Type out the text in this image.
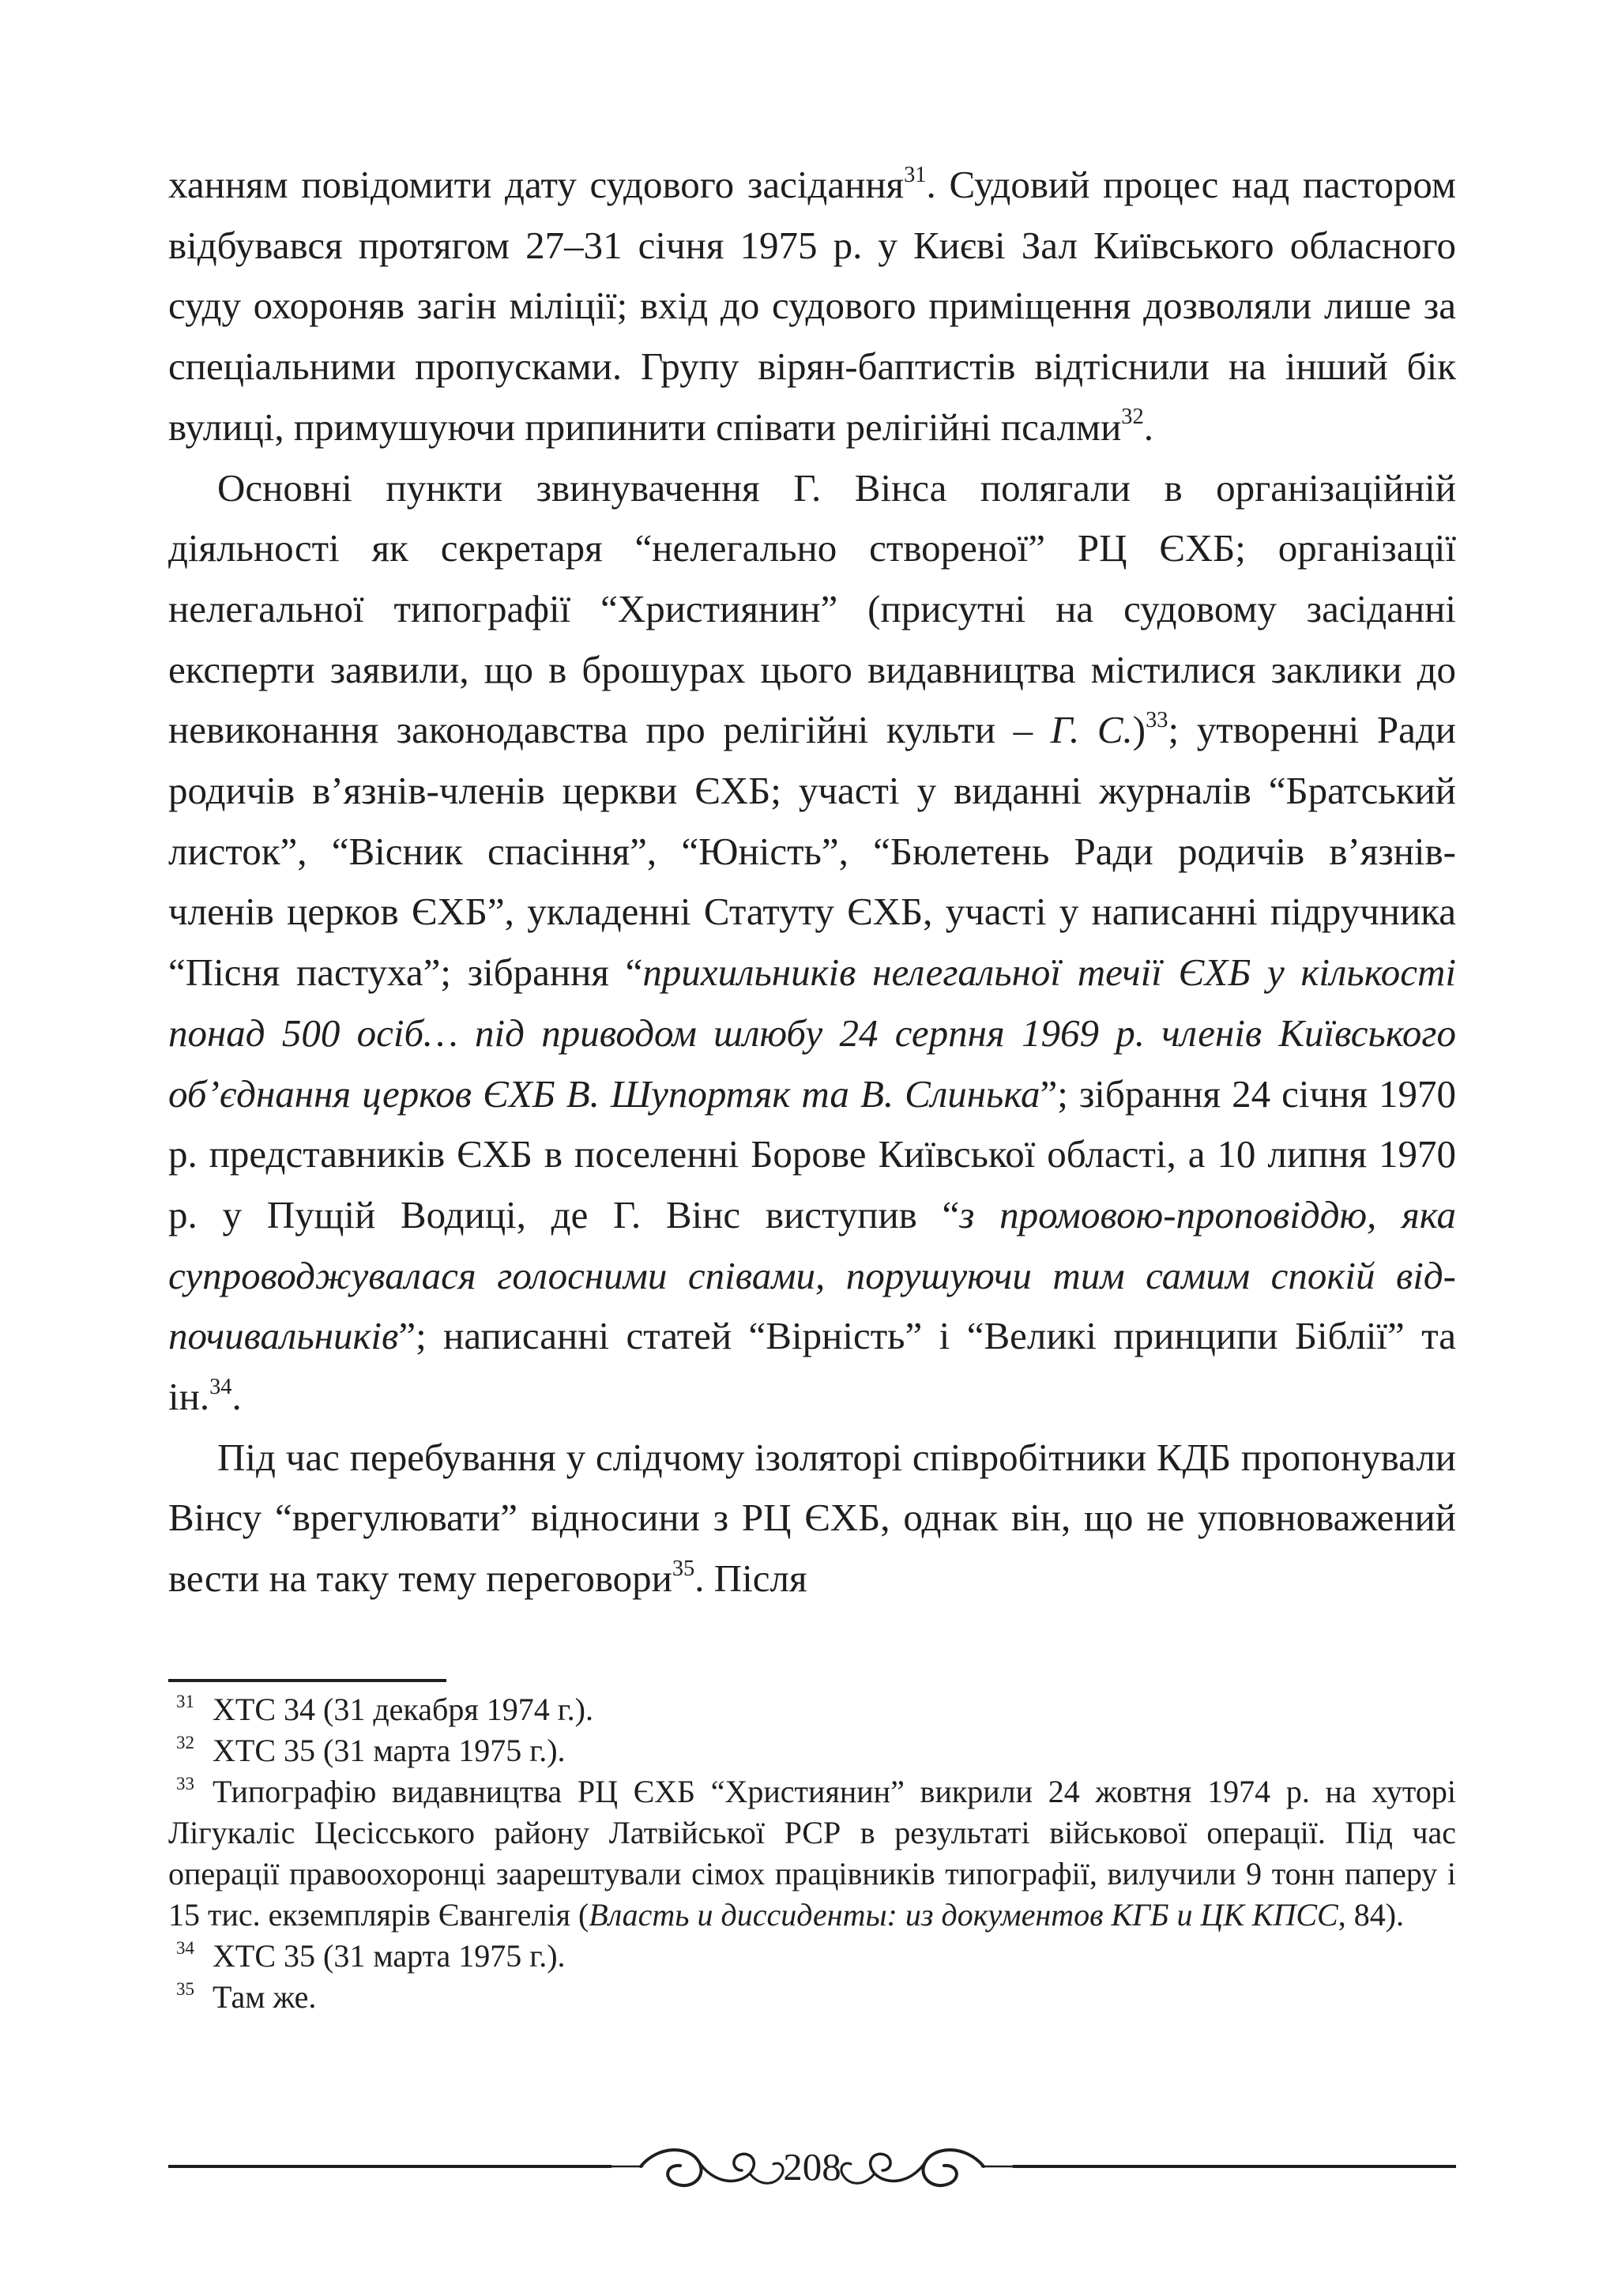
ханням повідомити дату судового засідання$^{31}$. Судовий процес над пастором відбувався протягом 27–31 січня 1975 р. у Києві Зал Київського обласного суду охороняв загін міліції; вхід до судового приміщення дозволяли лише за спеціальними пропусками. Групу вірян-баптистів відтіснили на інший бік вулиці, примушуючи припинити співати релігійні псалми$^{32}$.

Основні пункти звинувачення Г. Вінса полягали в організаційній діяльності як секретаря “нелегально створеної” РЦ ЄХБ; організації нелегальної типографії “Християнин” (присутні на судовому засіданні експерти заявили, що в брошурах цього видавництва містилися заклики до невиконання законодавства про релігійні культи – Г. С.)$^{33}$; утворенні Ради родичів в’язнів-членів церкви ЄХБ; участі у виданні журналів “Братський листок”, “Вісник спасіння”, “Юність”, “Бюлетень Ради родичів в’язнів-членів церков ЄХБ”, укладенні Статуту ЄХБ, участі у написанні підручника “Пісня пастуха”; зібрання “прихильників нелегальної течії ЄХБ у кількості понад 500 осіб… під приводом шлюбу 24 серпня 1969 р. членів Київського об’єднання церков ЄХБ В. Шупортяк та В. Слинька”; зібрання 24 січня 1970 р. представників ЄХБ в поселенні Борове Київської області, а 10 липня 1970 р. у Пущій Водиці, де Г. Вінс виступив “з промовою-проповіддю, яка супроводжувалася голосними співами, порушуючи тим самим спокій відпочивальників”; написанні статей “Вірність” і “Великі принципи Біблії” та ін.$^{34}$.

Під час перебування у слідчому ізоляторі співробітники КДБ пропонували Вінсу “врегулювати” відносини з РЦ ЄХБ, однак він, що не уповноважений вести на таку тему переговори$^{35}$. Після

31 ХТС 34 (31 декабря 1974 г.).

32 ХТС 35 (31 марта 1975 г.).

33 Типографію видавництва РЦ ЄХБ “Християнин” викрили 24 жовтня 1974 р. на хуторі Лігукаліс Цесісського району Латвійської РСР в результаті військової операції. Під час операції правоохоронці заарештували сімох працівників типографії, вилучили 9 тонн паперу і 15 тис. екземплярів Євангелія (Власть и диссиденты: из документов КГБ и ЦК КПСС, 84).

34 ХТС 35 (31 марта 1975 г.).

35 Там же.

208
